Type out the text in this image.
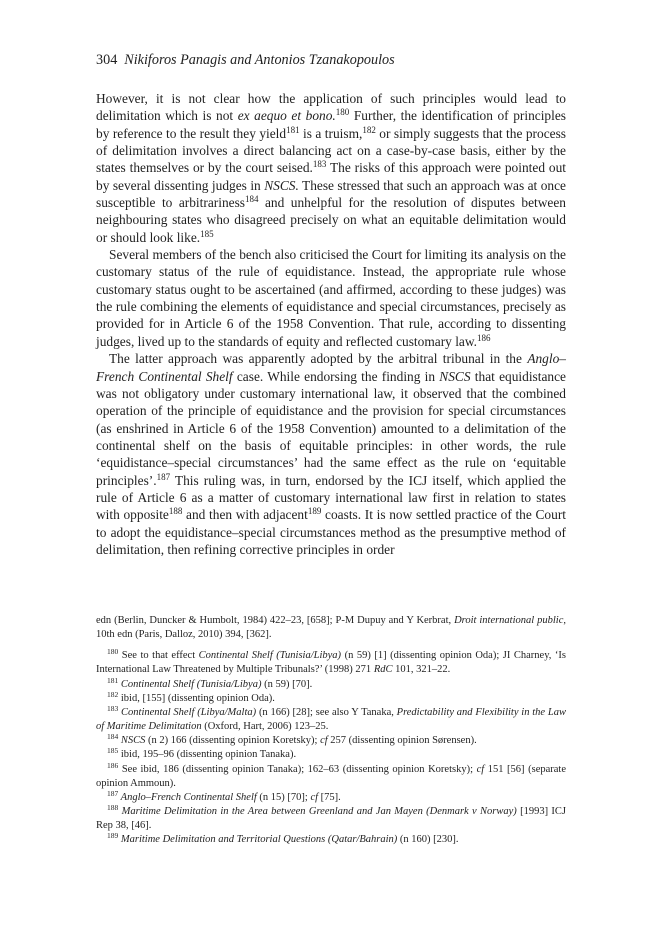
304 Nikiforos Panagis and Antonios Tzanakopoulos

However, it is not clear how the application of such principles would lead to delimitation which is not ex aequo et bono.$^{180}$ Further, the identification of principles by reference to the result they yield$^{181}$ is a truism,$^{182}$ or simply suggests that the process of delimitation involves a direct balancing act on a case-by-case basis, either by the states themselves or by the court seised.$^{183}$ The risks of this approach were pointed out by several dissenting judges in NSCS. These stressed that such an approach was at once susceptible to arbitrariness$^{184}$ and unhelpful for the resolution of disputes between neighbouring states who disagreed precisely on what an equitable delimitation would or should look like.$^{185}$

Several members of the bench also criticised the Court for limiting its analysis on the customary status of the rule of equidistance. Instead, the appropriate rule whose customary status ought to be ascertained (and affirmed, according to these judges) was the rule combining the elements of equidistance and special circumstances, precisely as provided for in Article 6 of the 1958 Convention. That rule, according to dissenting judges, lived up to the standards of equity and reflected customary law.$^{186}$

The latter approach was apparently adopted by the arbitral tribunal in the Anglo–French Continental Shelf case. While endorsing the finding in NSCS that equidistance was not obligatory under customary international law, it observed that the combined operation of the principle of equidistance and the provision for special circumstances (as enshrined in Article 6 of the 1958 Convention) amounted to a delimitation of the continental shelf on the basis of equitable principles: in other words, the rule ‘equidistance–special circumstances’ had the same effect as the rule on ‘equitable principles’.$^{187}$ This ruling was, in turn, endorsed by the ICJ itself, which applied the rule of Article 6 as a matter of customary international law first in relation to states with opposite$^{188}$ and then with adjacent$^{189}$ coasts. It is now settled practice of the Court to adopt the equidistance–special circumstances method as the presumptive method of delimitation, then refining corrective principles in order

edn (Berlin, Duncker & Humbolt, 1984) 422–23, [658]; P-M Dupuy and Y Kerbrat, Droit international public, 10th edn (Paris, Dalloz, 2010) 394, [362].

$^{180}$ See to that effect Continental Shelf (Tunisia/Libya) (n 59) [1] (dissenting opinion Oda); JI Charney, ‘Is International Law Threatened by Multiple Tribunals?’ (1998) 271 RdC 101, 321–22.

$^{181}$ Continental Shelf (Tunisia/Libya) (n 59) [70].

$^{182}$ ibid, [155] (dissenting opinion Oda).

$^{183}$ Continental Shelf (Libya/Malta) (n 166) [28]; see also Y Tanaka, Predictability and Flexibility in the Law of Maritime Delimitation (Oxford, Hart, 2006) 123–25.

$^{184}$ NSCS (n 2) 166 (dissenting opinion Koretsky); cf 257 (dissenting opinion Sørensen).

$^{185}$ ibid, 195–96 (dissenting opinion Tanaka).

$^{186}$ See ibid, 186 (dissenting opinion Tanaka); 162–63 (dissenting opinion Koretsky); cf 151 [56] (separate opinion Ammoun).

$^{187}$ Anglo–French Continental Shelf (n 15) [70]; cf [75].

$^{188}$ Maritime Delimitation in the Area between Greenland and Jan Mayen (Denmark v Norway) [1993] ICJ Rep 38, [46].

$^{189}$ Maritime Delimitation and Territorial Questions (Qatar/Bahrain) (n 160) [230].
